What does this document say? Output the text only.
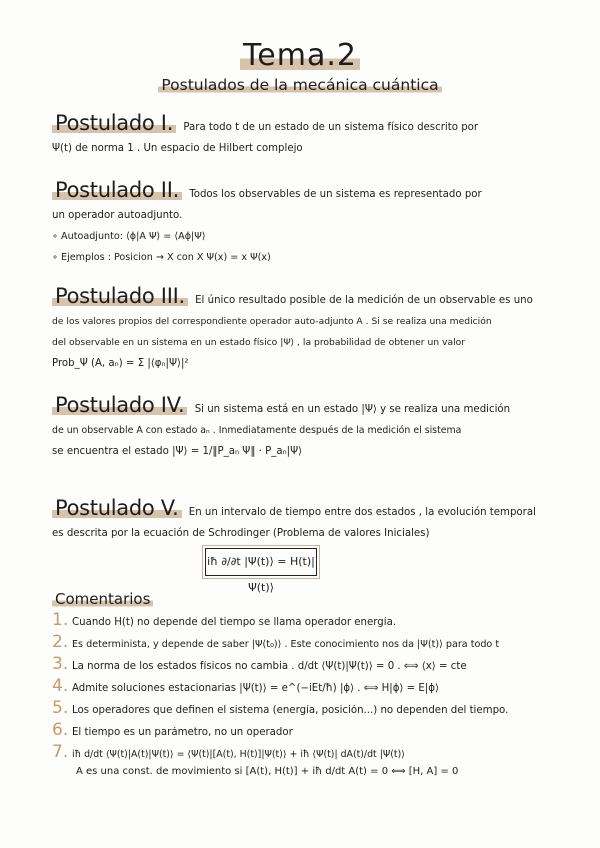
Tema.2
Postulados de la mecánica cuántica
Postulado I. Para todo t de un estado de un sistema físico descrito por
Ψ(t) de norma 1 . Un espacio de Hilbert complejo
Postulado II. Todos los observables de un sistema es representado por
un operador autoadjunto.
∘ Autoadjunto: ⟨ϕ|A Ψ⟩ = ⟨Aϕ|Ψ⟩
∘ Ejemplos : Posicion → X con X Ψ(x) = x Ψ(x)
Postulado III. El único resultado posible de la medición de un observable es uno
de los valores propios del correspondiente operador auto-adjunto A . Si se realiza una medición
del observable en un sistema en un estado físico |Ψ⟩ , la probabilidad de obtener un valor
Prob_Ψ (A, aₙ) = Σ |⟨φₙ|Ψ⟩|²
Postulado IV. Si un sistema está en un estado |Ψ⟩ y se realiza una medición
de un observable A con estado aₙ . Inmediatamente después de la medición el sistema
se encuentra el estado |Ψ⟩ = 1/‖P_aₙ Ψ‖ · P_aₙ|Ψ⟩
Postulado V. En un intervalo de tiempo entre dos estados , la evolución temporal
es descrita por la ecuación de Schrodinger (Problema de valores Iniciales)
iħ ∂/∂t |Ψ(t)⟩ = H(t)|Ψ(t)⟩
Comentarios
1. Cuando H(t) no depende del tiempo se llama operador energía.
2. Es determinista, y depende de saber |Ψ(t₀)⟩ . Este conocimiento nos da |Ψ(t)⟩ para todo t
3. La norma de los estados físicos no cambia . d/dt ⟨Ψ(t)|Ψ(t)⟩ = 0 . ⟺ ⟨x⟩ = cte
4. Admite soluciones estacionarias |Ψ(t)⟩ = e^(−iEt/ħ) |ϕ⟩ . ⟺ H|ϕ⟩ = E|ϕ⟩
5. Los operadores que definen el sistema (energía, posición...) no dependen del tiempo.
6. El tiempo es un parámetro, no un operador
7. iħ d/dt ⟨Ψ(t)|A(t)|Ψ(t)⟩ = ⟨Ψ(t)|[A(t), H(t)]|Ψ(t)⟩ + iħ ⟨Ψ(t)| dA(t)/dt |Ψ(t)⟩
A es una const. de movimiento si [A(t), H(t)] + iħ d/dt A(t) = 0 ⟺ [H, A] = 0
